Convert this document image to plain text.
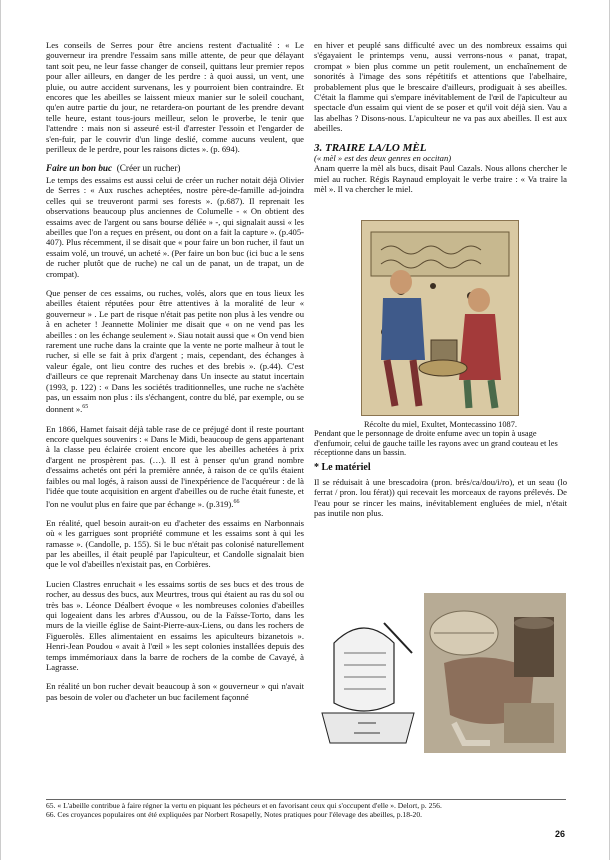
Les conseils de Serres pour être anciens restent d'actualité : « Le gouverneur ira prendre l'essaim sans mille attente, de peur que délayant tant soit peu, ne leur fasse changer de conseil, quittans leur premier repos pour aller ailleurs, en danger de les perdre : à quoi aussi, un vent, une pluie, ou autre accident survenans, les y pourroient bien contraindre. Et encores que les abeilles se laissent mieux manier sur le soleil couchant, qu'en autre partie du jour, ne retardera-on pourtant de les prendre devant telle heure, estant tous-jours meilleur, selon le proverbe, le tenir que l'attendre : mais non si asseuré est-il d'arrester l'essoin et l'engarder de s'en-fuir, par le couvrir d'un linge deslié, comme aucuns veulent, que perilleux de le perdre, pour les raisons dictes ». (p. 694).

Faire un bon buc (Créer un rucher)

Le temps des essaims est aussi celui de créer un rucher notait déjà Olivier de Serres : « Aux rusches acheptées, nostre père-de-famille ad-joindra celles qui se treuveront parmi ses forests ». (p.687). Il reprenait les observations beaucoup plus anciennes de Columelle - « On obtient des essaims avec de l'argent ou sans bourse déliée » -, qui signalait aussi « les abeilles que l'on a reçues en présent, ou dont on a fait la capture ». (p.405-407). Plus récemment, il se disait que « pour faire un bon rucher, il faut un essaim volé, un trouvé, un acheté ». (Per faire un bon buc (ici buc a le sens de rucher plutôt que de ruche) ne cal un de panat, un de trapat, un de crompat).

Que penser de ces essaims, ou ruches, volés, alors que en tous lieux les abeilles étaient réputées pour être attentives à la moralité de leur « gouverneur » . Le part de risque n'était pas petite non plus à les vendre ou à en acheter ! Jeannette Molinier me disait que « on ne vend pas les abeilles : on les échange seulement ». Siau notait aussi que « On vend bien rarement une ruche dans la crainte que la vente ne porte malheur à tout le rucher, si elle se fait à prix d'argent ; mais, cependant, des échanges à valeur égale, ont lieu contre des ruches et des brebis ». (p.44). C'est d'ailleurs ce que reprenait Marchenay dans Un insecte au statut incertain (1993, p. 122) : « Dans les sociétés traditionnelles, une ruche ne s'achète pas, un essaim non plus : ils s'échangent, contre du blé, par exemple, ou se donnent ».$^{65}$

En 1866, Hamet faisait déjà table rase de ce préjugé dont il reste pourtant encore quelques souvenirs : « Dans le Midi, beaucoup de gens appartenant à la classe peu éclairée croient encore que les abeilles achetées à prix d'argent ne prospèrent pas. (…). Il est à penser qu'un grand nombre d'essaims achetés ont péri la première année, à raison de ce qu'ils étaient faibles ou mal logés, à raison aussi de l'inexpérience de l'acquéreur : de là l'idée que toute acquisition en argent d'abeilles ou de ruche était funeste, et l'on ne voulut plus en faire que par échange ». (p.319).$^{66}$

En réalité, quel besoin aurait-on eu d'acheter des essaims en Narbonnais où « les garrigues sont propriété commune et les essaims sont à qui les ramasse ». (Candolle, p. 155). Si le buc n'était pas colonisé naturellement par les abeilles, il était peuplé par l'apiculteur, et Candolle signalait bien que le vol d'abeilles n'existait pas, en Corbières.

Lucien Clastres enruchait « les essaims sortis de ses bucs et des trous de rocher, au dessus des bucs, aux Meurtres, trous qui étaient au ras du sol ou très bas ». Léonce Déalbert évoque « les nombreuses colonies d'abeilles qui logeaient dans les arbres d'Aussou, ou de la Faïsse-Torto, dans les murs de la vieille église de Saint-Pierre-aux-Liens, ou dans les rochers de Figuerolès. Elles alimentaient en essaims les apiculteurs bizanetois ». Henri-Jean Poudou « avait à l'œil » les sept colonies installées depuis des temps immémoriaux dans la barre de rochers de la combe de Cavayé, à Lagrasse.

En réalité un bon rucher devait beaucoup à son « gouverneur » qui n'avait pas besoin de voler ou d'acheter un buc facilement façonné

en hiver et peuplé sans difficulté avec un des nombreux essaims qui s'égayaient le printemps venu, aussi verrons-nous « panat, trapat, crompat » bien plus comme un petit roulement, un enchaînement de sonorités à l'image des sons répétitifs et attentions que l'abelhaire, probablement plus que le brescaire d'ailleurs, prodiguait à ses abeilles. C'était la flamme qui s'empare inévitablement de l'œil de l'apiculteur au spectacle d'un essaim qui vient de se poser et qu'il voit déjà sien. Vau a las abelhas ? Disons-nous. L'apiculteur ne va pas aux abeilles. Il est aux abeilles.

3. TRAIRE LA/LO MÈL
(« mèl » est des deux genres en occitan)

Anam querre la mèl als bucs, disait Paul Cazals. Nous allons chercher le miel au rucher. Régis Raynaud employait le verbe traire : « Va traire la mèl ». Il va chercher le miel.

Récolte du miel, Exultet, Montecassino 1087.
Pendant que le personnage de droite enfume avec un topin à usage d'enfumoir, celui de gauche taille les rayons avec un grand couteau et les réceptionne dans un bassin.
* Le matériel

Il se réduisait à une brescadoira (pron. brés/ca/dou/i/ro), et un seau (lo ferrat / pron. lou férat)) qui recevait les morceaux de rayons prélevés. De l'eau pour se rincer les mains, inévitablement engluées de miel, n'était pas inutile non plus.

65. « L'abeille contribue à faire régner la vertu en piquant les pécheurs et en favorisant ceux qui s'occupent d'elle ». Delort, p. 256.

66. Ces croyances populaires ont été expliquées par Norbert Rosapelly, Notes pratiques pour l'élevage des abeilles, p.18-20.

26
